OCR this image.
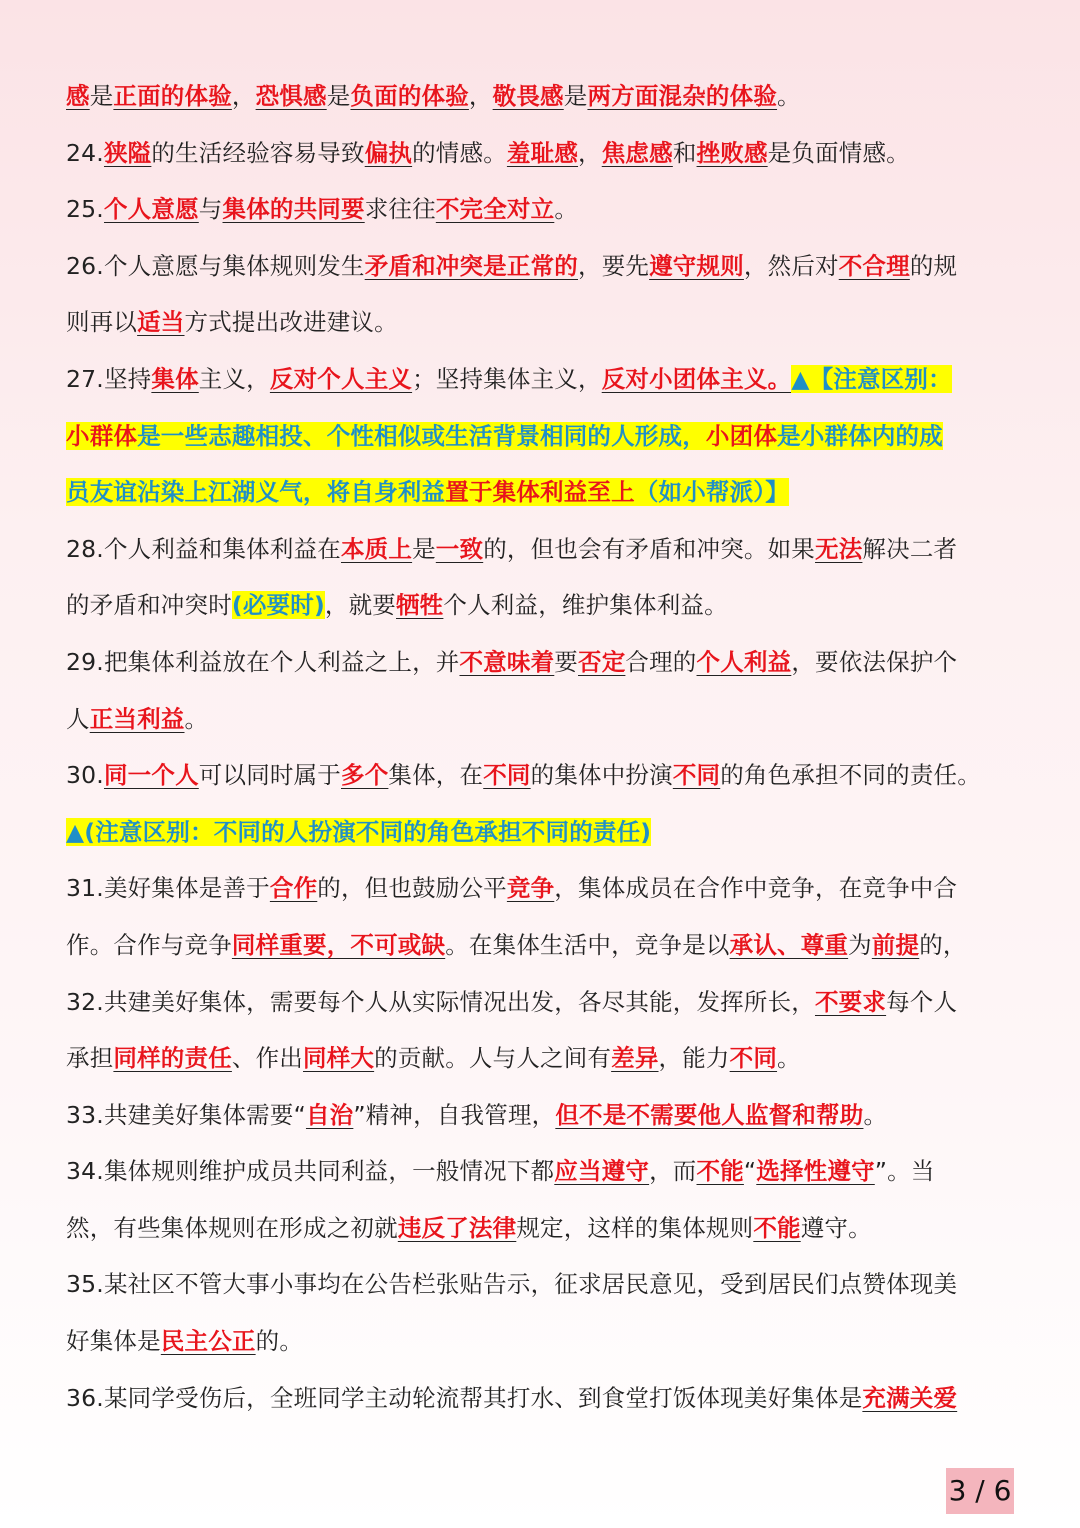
感是正面的体验，恐惧感是负面的体验，敬畏感是两方面混杂的体验。
24.狭隘的生活经验容易导致偏执的情感。羞耻感，焦虑感和挫败感是负面情感。
25.个人意愿与集体的共同要求往往不完全对立。
26.个人意愿与集体规则发生矛盾和冲突是正常的，要先遵守规则，然后对不合理的规
则再以适当方式提出改进建议。
27.坚持集体主义，反对个人主义；坚持集体主义，反对小团体主义。▲【注意区别：
小群体是一些志趣相投、个性相似或生活背景相同的人形成，小团体是小群体内的成
员友谊沾染上江湖义气，将自身利益置于集体利益至上（如小帮派）】
28.个人利益和集体利益在本质上是一致的，但也会有矛盾和冲突。如果无法解决二者
的矛盾和冲突时(必要时)，就要牺牲个人利益，维护集体利益。
29.把集体利益放在个人利益之上，并不意味着要否定合理的个人利益，要依法保护个
人正当利益。
30.同一个人可以同时属于多个集体，在不同的集体中扮演不同的角色承担不同的责任。
▲(注意区别：不同的人扮演不同的角色承担不同的责任)
31.美好集体是善于合作的，但也鼓励公平竞争，集体成员在合作中竞争，在竞争中合
作。合作与竞争同样重要，不可或缺。在集体生活中，竞争是以承认、尊重为前提的，
32.共建美好集体，需要每个人从实际情况出发，各尽其能，发挥所长，不要求每个人
承担同样的责任、作出同样大的贡献。人与人之间有差异，能力不同。
33.共建美好集体需要“自治”精神，自我管理，但不是不需要他人监督和帮助。
34.集体规则维护成员共同利益，一般情况下都应当遵守，而不能“选择性遵守”。当
然，有些集体规则在形成之初就违反了法律规定，这样的集体规则不能遵守。
35.某社区不管大事小事均在公告栏张贴告示，征求居民意见，受到居民们点赞体现美
好集体是民主公正的。
36.某同学受伤后，全班同学主动轮流帮其打水、到食堂打饭体现美好集体是充满关爱
3 / 6
